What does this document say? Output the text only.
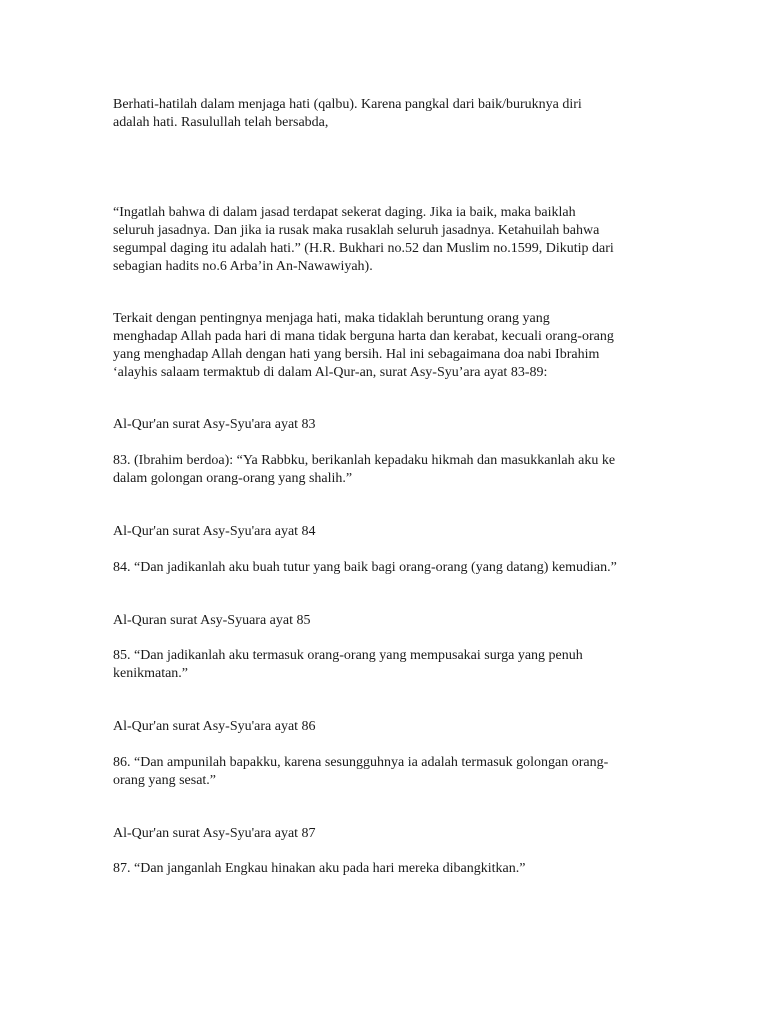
Berhati-hatilah dalam menjaga hati (qalbu). Karena pangkal dari baik/buruknya diri
adalah hati. Rasulullah telah bersabda,

“Ingatlah bahwa di dalam jasad terdapat sekerat daging. Jika ia baik, maka baiklah
seluruh jasadnya. Dan jika ia rusak maka rusaklah seluruh jasadnya. Ketahuilah bahwa
segumpal daging itu adalah hati.” (H.R. Bukhari no.52 dan Muslim no.1599, Dikutip dari
sebagian hadits no.6 Arba’in An-Nawawiyah).

Terkait dengan pentingnya menjaga hati, maka tidaklah beruntung orang yang
menghadap Allah pada hari di mana tidak berguna harta dan kerabat, kecuali orang-orang
yang menghadap Allah dengan hati yang bersih. Hal ini sebagaimana doa nabi Ibrahim
‘alayhis salaam termaktub di dalam Al-Qur-an, surat Asy-Syu’ara ayat 83-89:

Al-Qur'an surat Asy-Syu'ara ayat 83

83. (Ibrahim berdoa): “Ya Rabbku, berikanlah kepadaku hikmah dan masukkanlah aku ke
dalam golongan orang-orang yang shalih.”

Al-Qur'an surat Asy-Syu'ara ayat 84

84. “Dan jadikanlah aku buah tutur yang baik bagi orang-orang (yang datang) kemudian.”

Al-Quran surat Asy-Syuara ayat 85

85. “Dan jadikanlah aku termasuk orang-orang yang mempusakai surga yang penuh
kenikmatan.”

Al-Qur'an surat Asy-Syu'ara ayat 86

86. “Dan ampunilah bapakku, karena sesungguhnya ia adalah termasuk golongan orang-
orang yang sesat.”

Al-Qur'an surat Asy-Syu'ara ayat 87

87. “Dan janganlah Engkau hinakan aku pada hari mereka dibangkitkan.”
